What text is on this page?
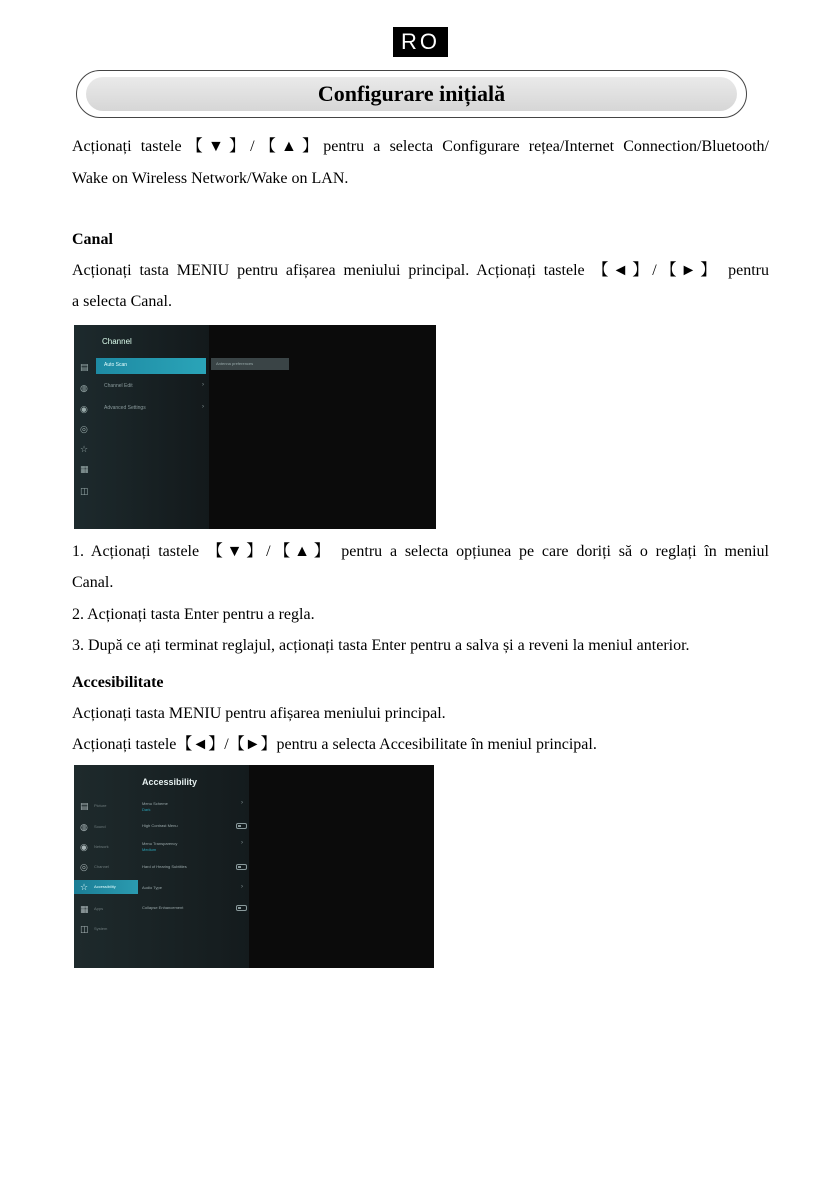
RO
Configurare inițială
Acționați tastele【▼】/【▲】pentru a selecta Configurare rețea/Internet Connection/Bluetooth/
Wake on Wireless Network/Wake on LAN.
Canal
Acționați tasta MENIU pentru afișarea meniului principal. Acționați tastele 【◄】/【►】 pentru
a selecta Canal.
▤
◍
◉
◎
☆
▦
◫
Channel
Auto Scan
Channel Edit	›
Advanced Settings	›
Antenna preferences
1. Acționați tastele 【▼】/【▲】 pentru a selecta opțiunea pe care doriți să o reglați în meniul
Canal.
2. Acționați tasta Enter pentru a regla.
3. După ce ați terminat reglajul, acționați tasta Enter pentru a salva și a reveni la meniul anterior.
Accesibilitate
Acționați tasta MENIU pentru afișarea meniului principal.
Acționați tastele【◄】/【►】pentru a selecta Accesibilitate în meniul principal.
▤ Picture
◍ Sound
◉ Network
◎ Channel
☆ Accessibility
▦ Apps
◫ System
Accessibility
Menu Scheme
Dark
›
High Contrast Menu
Menu Transparency
Medium
›
Hard of Hearing Subtitles
Audio Type	›
Collapse Enhancement
